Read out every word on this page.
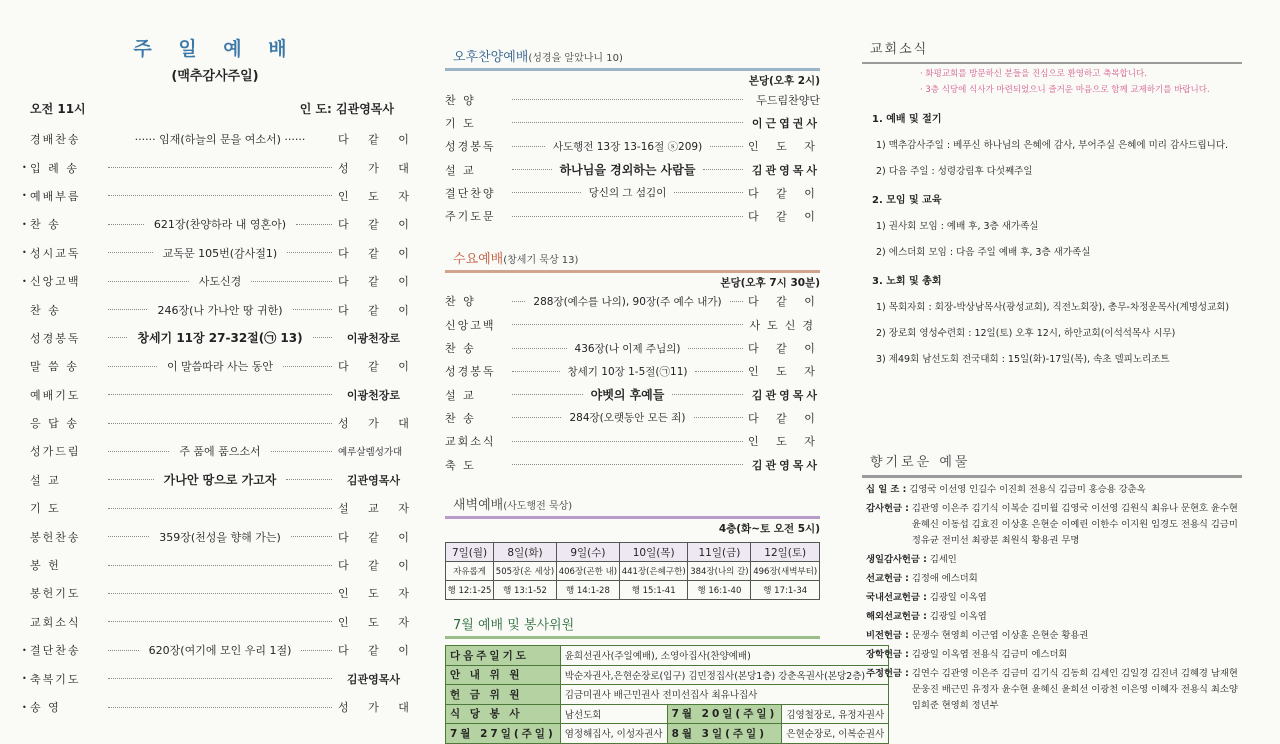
주 일 예 배
(맥추감사주일)
오전 11시	인 도: 김관영목사
경배찬송	······ 임재(하늘의 문을 여소서) ······	다 같 이
• 입 례 송	성 가 대
• 예배부름	인 도 자
• 찬 송	621장(찬양하라 내 영혼아)	다 같 이
• 성시교독	교독문 105번(감사절1)	다 같 이
• 신앙고백	사도신경	다 같 이
찬 송	246장(나 가나안 땅 귀한)	다 같 이
성경봉독	창세기 11장 27-32절(㉠ 13)	이광천장로
말 씀 송	이 말씀따라 사는 동안	다 같 이
예배기도	이광천장로
응 답 송	성 가 대
성가드림	주 품에 품으소서	예루살렘성가대
설 교	가나안 땅으로 가고자	김관영목사
기 도	설 교 자
봉헌찬송	359장(천성을 향해 가는)	다 같 이
봉 헌	다 같 이
봉헌기도	인 도 자
교회소식	인 도 자
• 결단찬송	620장(여기에 모인 우리 1절)	다 같 이
• 축복기도	김관영목사
• 송 영	성 가 대
오후찬양예배(성경을 알았나니 10)
본당(오후 2시)
찬 양	두드림찬양단
기 도	이근엽권사
성경봉독	사도행전 13장 13-16절 ⓢ209)	인 도 자
설 교	하나님을 경외하는 사람들	김관영목사
결단찬양	당신의 그 섬김이	다 같 이
주기도문	다 같 이
수요예배(창세기 묵상 13)
본당(오후 7시 30분)
찬 양	288장(예수를 나의), 90장(주 예수 내가) 다 같 이
신앙고백	사도신경
찬 송	436장(나 이제 주님의)	다 같 이
성경봉독	창세기 10장 1-5절(㉠11)	인 도 자
설 교	야벳의 후예들	김관영목사
찬 송	284장(오랫동안 모든 죄)	다 같 이
교회소식	인 도 자
축 도	김관영목사
새벽예배(사도행전 묵상)
4층(화~토 오전 5시)
7일(월)	8일(화)	9일(수)	10일(목)	11일(금)	12일(토)
자유롭게	505장(온 세상)	406장(곤한 내)	441장(은혜구한)	384장(나의 갈)	496장(새벽부터)
행 12:1-25	행 13:1-52	행 14:1-28	행 15:1-41	행 16:1-40	행 17:1-34
7월 예배 및 봉사위원
다음주일기도	윤희선권사(주일예배), 소영아집사(찬양예배)		
안 내 위 원	박순자권사,은현순장로(입구) 김민정집사(본당1층) 강춘옥권사(본당2층)		
헌 금 위 원	김금미권사 배근민권사 전미선집사 최유나집사		
식 당 봉 사	남선도회	7월 20일(주일)	김영철장로, 유정자권사
7월 27일(주일)	염정해집사, 이성자권사	8월 3일(주일)	은현순장로, 이복순권사
교회소식
· 화평교회를 방문하신 분들을 진심으로 환영하고 축복합니다.
· 3층 식당에 식사가 마련되었으니 즐거운 마음으로 함께 교제하기를 바랍니다.
1. 예배 및 절기
1) 맥추감사주일 : 베푸신 하나님의 은혜에 감사, 부어주실 은혜에 미리 감사드립니다.
2) 다음 주일 : 성령강림후 다섯째주일
2. 모임 및 교육
1) 권사회 모임 : 예배 후, 3층 새가족실
2) 에스더회 모임 : 다음 주일 예배 후, 3층 새가족실
3. 노회 및 총회
1) 목회자회 : 회장-박상남목사(광성교회), 직전노회장), 총무-차정운목사(계명성교회)
2) 장로회 영성수련회 : 12일(토) 오후 12시, 하안교회(이석석목사 시무)
3) 제49회 남선도회 전국대회 : 15일(화)-17일(목), 속초 델피노리조트
향기로운 예물
십 일 조 : 김영국 이선영 인길수 이진희 전용식 김금미 홍승용 강춘옥
감사헌금 : 김관영 이은주 김기식 이복순 김미월 김영국 이선영 김원식 최유나 문현호 윤수현 윤혜신 이동섭 김효진 이상훈 은현순 이예린 이한수 이지원 임경도 전용식 김금미 정유균 전미선 최광분 최원식 황용권 무명
생일감사헌금 : 김세인
선교헌금 : 김정애 에스더회
국내선교헌금 : 김광일 이옥엽
해외선교헌금 : 김광일 이옥엽
비전헌금 : 문쟁수 현영희 이근엽 이상훈 은현순 황용권
장학헌금 : 김광일 이옥엽 전용식 김금미 에스더회
주정헌금 : 김연수 김관영 이은주 김금미 김기식 김동희 김세인 김일경 김진녀 김혜경 남재현 문웅진 배근민 유정자 윤수현 윤혜신 윤희선 이광천 이은영 이혜자 전용식 최소양 임희준 현영희 정년부
